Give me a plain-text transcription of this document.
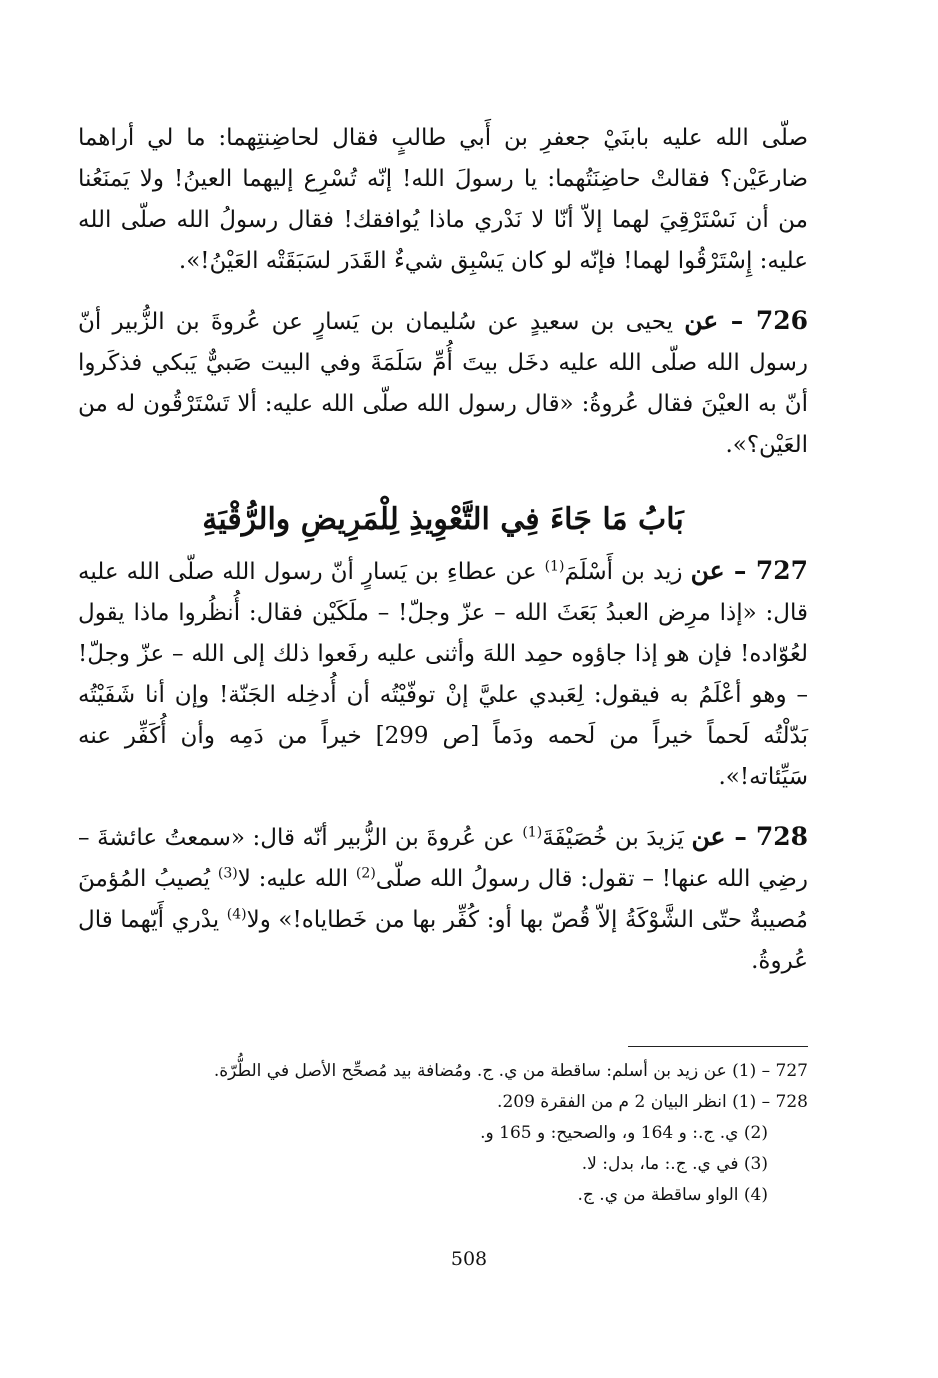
صلّى الله عليه بابنَيْ جعفرِ بن أَبي طالبٍ فقال لحاضِنتِهما: ما لي أراهما ضارعَيْن؟ فقالتْ حاضِنَتُهما: يا رسولَ الله! إنّه تُسْرِع إليهما العينُ! ولا يَمنَعُنا من أن نَسْتَرْقِيَ لهما إلاّ أنّا لا نَدْري ماذا يُوافقك! فقال رسولُ الله صلّى الله عليه: إِسْتَرْقُوا لهما! فإنّه لو كان يَسْبِق شيءٌ القَدَر لسَبَقَتْه العَيْنُ!».

726 – عن يحيى بن سعيدٍ عن سُليمان بن يَسارٍ عن عُروةَ بن الزُّبير أنّ رسول الله صلّى الله عليه دخَل بيتَ أُمِّ سَلَمَةَ وفي البيت صَبيٌّ يَبكي فذكَروا أنّ به العيْنَ فقال عُروةُ: «قال رسول الله صلّى الله عليه: ألا تَسْتَرْقُون له من العَيْن؟».

بَابُ مَا جَاءَ فِي التَّعْوِيذِ لِلْمَرِيضِ والرُّقْيَةِ

727 – عن زيد بن أَسْلَمَ$^{(1)}$ عن عطاءِ بن يَسارٍ أنّ رسول الله صلّى الله عليه قال: «إذا مرِض العبدُ بَعَثَ الله – عزّ وجلّ! – ملَكَيْن فقال: أُنظُروا ماذا يقول لعُوّاده! فإن هو إذا جاؤوه حمِد اللهَ وأثنى عليه رفَعوا ذلك إلى الله – عزّ وجلّ! – وهو أعْلَمُ به فيقول: لِعَبدي عليَّ إنْ توفّيْتُه أن أُدخِله الجَنّة! وإن أنا شَفَيْتُه بَدّلْتُه لَحماً خيراً من لَحمه ودَماً [ص 299] خيراً من دَمِه وأن أُكَفِّر عنه سَيِّئاته!».

728 – عن يَزيدَ بن خُصَيْفَةَ$^{(1)}$ عن عُروةَ بن الزُّبير أنّه قال: «سمعتُ عائشةَ – رضِي الله عنها! – تقول: قال رسولُ الله صلّى$^{(2)}$ الله عليه: لا$^{(3)}$ يُصيبُ المُؤمنَ مُصيبةٌ حتّى الشَّوْكَةُ إلاّ قُصّ بها أو: كُفِّر بها من خَطاياه!» ولا$^{(4)}$ يدْري أَيّهما قال عُروةُ.

727 – (1) عن زيد بن أسلم: ساقطة من ي. ج. ومُضافة بيد مُصحِّح الأصل في الطُّرّة.

728 – (1) انظر البيان 2 م من الفقرة 209.

(2) ي. ج.: و 164 و، والصحيح: و 165 و.

(3) في ي. ج.: ما، بدل: لا.

(4) الواو ساقطة من ي. ج.

508
